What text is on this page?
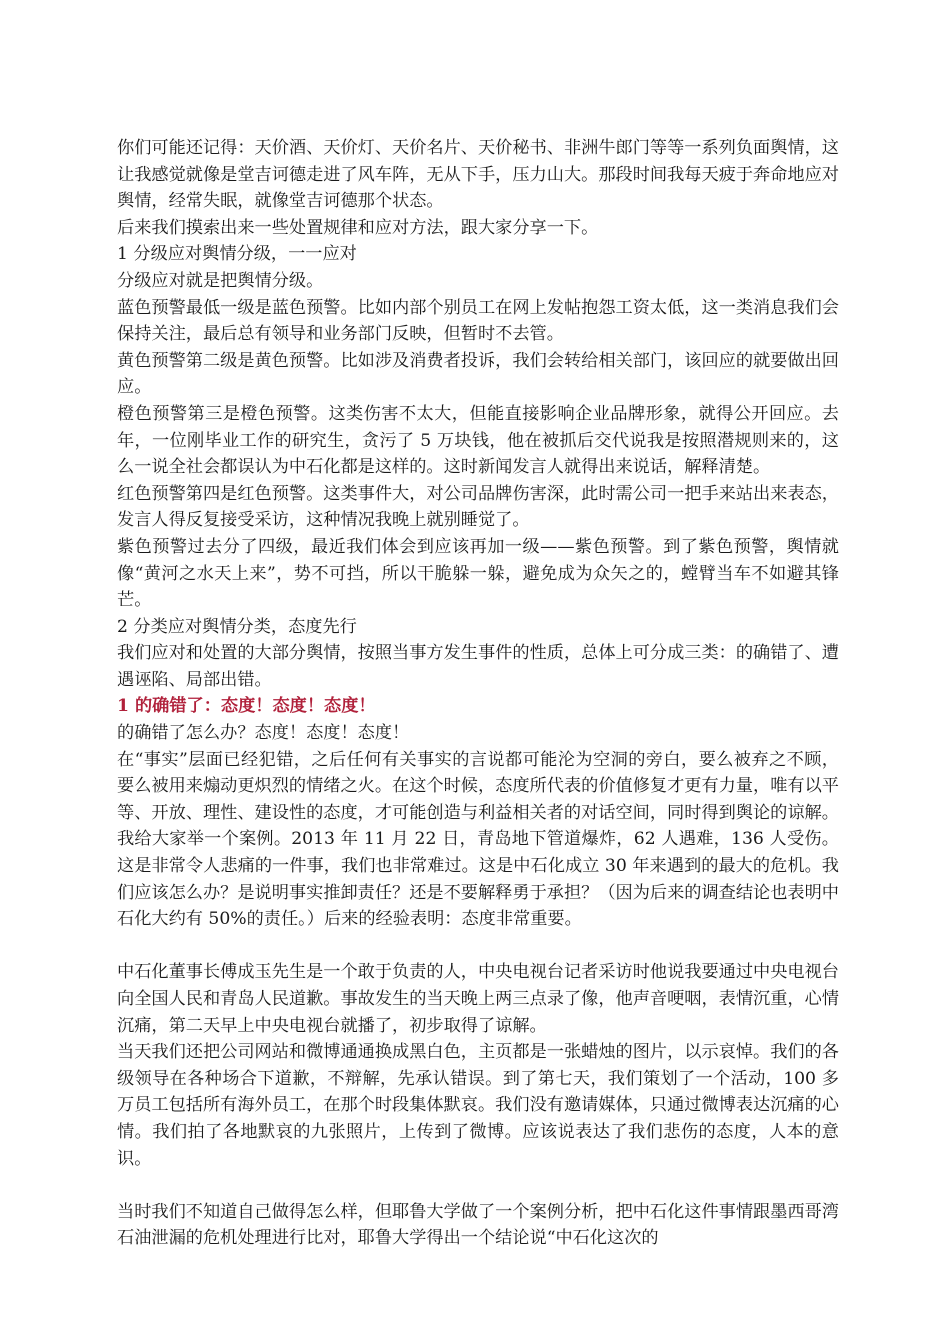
你们可能还记得：天价酒、天价灯、天价名片、天价秘书、非洲牛郎门等等一系列负面舆情，这让我感觉就像是堂吉诃德走进了风车阵，无从下手，压力山大。那段时间我每天疲于奔命地应对舆情，经常失眠，就像堂吉诃德那个状态。

后来我们摸索出来一些处置规律和应对方法，跟大家分享一下。

1 分级应对舆情分级，一一应对

分级应对就是把舆情分级。

蓝色预警最低一级是蓝色预警。比如内部个别员工在网上发帖抱怨工资太低，这一类消息我们会保持关注，最后总有领导和业务部门反映，但暂时不去管。

黄色预警第二级是黄色预警。比如涉及消费者投诉，我们会转给相关部门，该回应的就要做出回应。

橙色预警第三是橙色预警。这类伤害不太大，但能直接影响企业品牌形象，就得公开回应。去年，一位刚毕业工作的研究生，贪污了 5 万块钱，他在被抓后交代说我是按照潜规则来的，这么一说全社会都误认为中石化都是这样的。这时新闻发言人就得出来说话，解释清楚。

红色预警第四是红色预警。这类事件大，对公司品牌伤害深，此时需公司一把手来站出来表态，发言人得反复接受采访，这种情况我晚上就别睡觉了。

紫色预警过去分了四级，最近我们体会到应该再加一级——紫色预警。到了紫色预警，舆情就像“黄河之水天上来”，势不可挡，所以干脆躲一躲，避免成为众矢之的，螳臂当车不如避其锋芒。

2 分类应对舆情分类，态度先行

我们应对和处置的大部分舆情，按照当事方发生事件的性质，总体上可分成三类：的确错了、遭遇诬陷、局部出错。

1 的确错了：态度！态度！态度！

的确错了怎么办？态度！态度！态度！

在“事实”层面已经犯错，之后任何有关事实的言说都可能沦为空洞的旁白，要么被弃之不顾，要么被用来煽动更炽烈的情绪之火。在这个时候，态度所代表的价值修复才更有力量，唯有以平等、开放、理性、建设性的态度，才可能创造与利益相关者的对话空间，同时得到舆论的谅解。

我给大家举一个案例。2013 年 11 月 22 日，青岛地下管道爆炸，62 人遇难，136 人受伤。这是非常令人悲痛的一件事，我们也非常难过。这是中石化成立 30 年来遇到的最大的危机。我们应该怎么办？是说明事实推卸责任？还是不要解释勇于承担？（因为后来的调查结论也表明中石化大约有 50%的责任。）后来的经验表明：态度非常重要。

中石化董事长傅成玉先生是一个敢于负责的人，中央电视台记者采访时他说我要通过中央电视台向全国人民和青岛人民道歉。事故发生的当天晚上两三点录了像，他声音哽咽，表情沉重，心情沉痛，第二天早上中央电视台就播了，初步取得了谅解。

当天我们还把公司网站和微博通通换成黑白色，主页都是一张蜡烛的图片，以示哀悼。我们的各级领导在各种场合下道歉，不辩解，先承认错误。到了第七天，我们策划了一个活动，100 多万员工包括所有海外员工，在那个时段集体默哀。我们没有邀请媒体，只通过微博表达沉痛的心情。我们拍了各地默哀的九张照片，上传到了微博。应该说表达了我们悲伤的态度，人本的意识。

当时我们不知道自己做得怎么样，但耶鲁大学做了一个案例分析，把中石化这件事情跟墨西哥湾石油泄漏的危机处理进行比对，耶鲁大学得出一个结论说“中石化这次的
